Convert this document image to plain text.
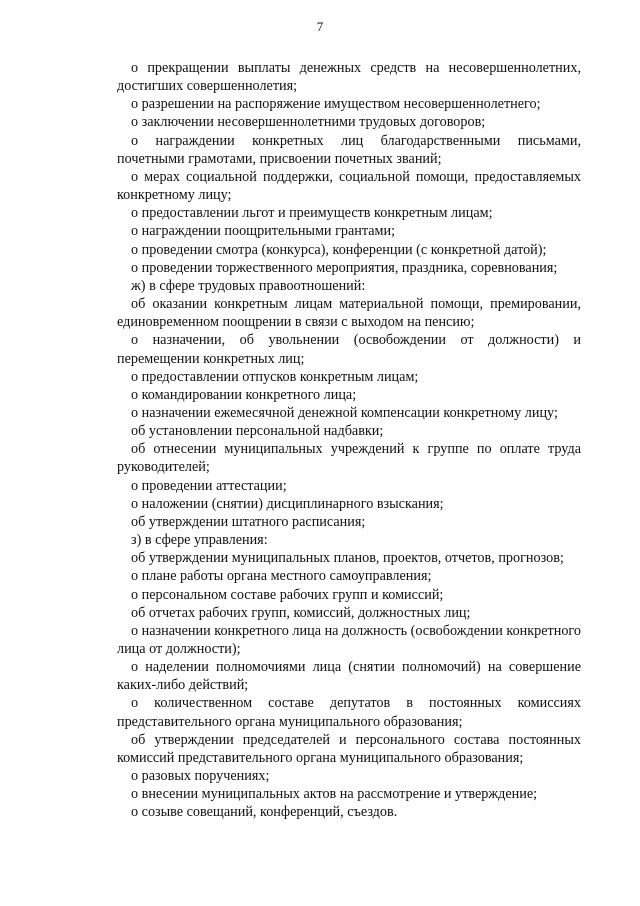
7

о прекращении выплаты денежных средств на несовершеннолетних, достигших совершеннолетия;

о разрешении на распоряжение имуществом несовершеннолетнего;

о заключении несовершеннолетними трудовых договоров;

о награждении конкретных лиц благодарственными письмами, почетными грамотами, присвоении почетных званий;

о мерах социальной поддержки, социальной помощи, предоставляемых конкретному лицу;

о предоставлении льгот и преимуществ конкретным лицам;

о награждении поощрительными грантами;

о проведении смотра (конкурса), конференции (с конкретной датой);

о проведении торжественного мероприятия, праздника, соревнования;

ж) в сфере трудовых правоотношений:

об оказании конкретным лицам материальной помощи, премировании, единовременном поощрении в связи с выходом на пенсию;

о назначении, об увольнении (освобождении от должности) и перемещении конкретных лиц;

о предоставлении отпусков конкретным лицам;

о командировании конкретного лица;

о назначении ежемесячной денежной компенсации конкретному лицу;

об установлении персональной надбавки;

об отнесении муниципальных учреждений к группе по оплате труда руководителей;

о проведении аттестации;

о наложении (снятии) дисциплинарного взыскания;

об утверждении штатного расписания;

з) в сфере управления:

об утверждении муниципальных планов, проектов, отчетов, прогнозов;

о плане работы органа местного самоуправления;

о персональном составе рабочих групп и комиссий;

об отчетах рабочих групп, комиссий, должностных лиц;

о назначении конкретного лица на должность (освобождении конкретного лица от должности);

о наделении полномочиями лица (снятии полномочий) на совершение каких-либо действий;

о количественном составе депутатов в постоянных комиссиях представительного органа муниципального образования;

об утверждении председателей и персонального состава постоянных комиссий представительного органа муниципального образования;

о разовых поручениях;

о внесении муниципальных актов на рассмотрение и утверждение;

о созыве совещаний, конференций, съездов.
